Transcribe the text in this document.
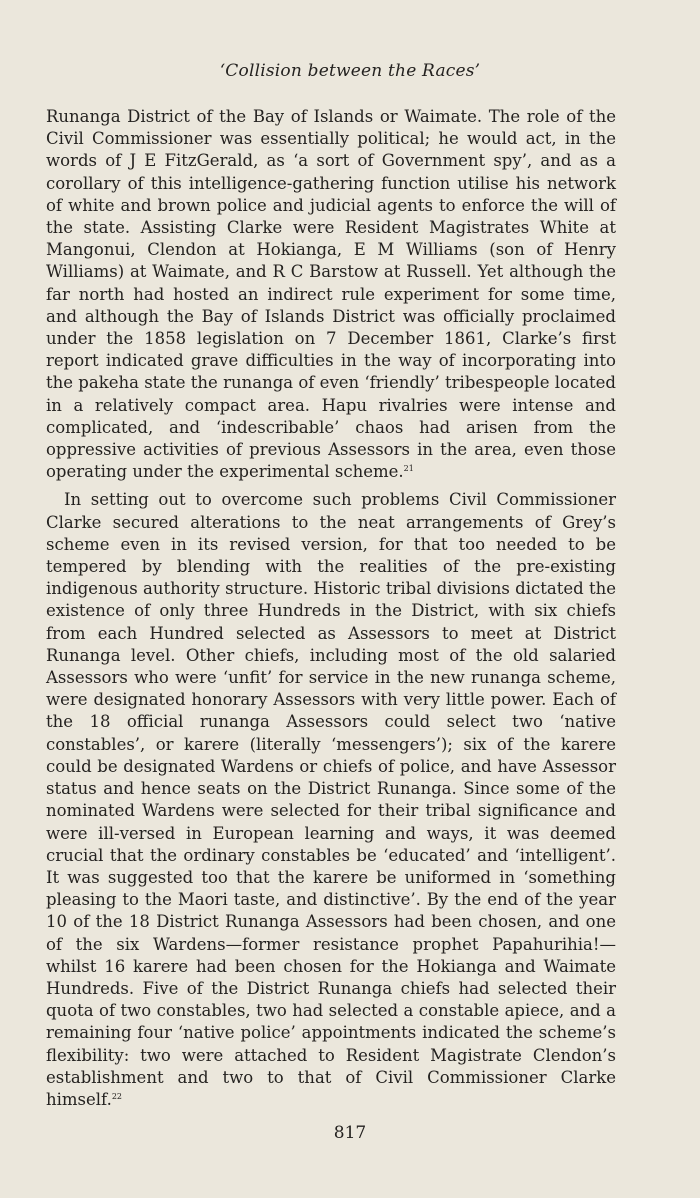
‘Collision between the Races’

Runanga District of the Bay of Islands or Waimate. The role of the Civil Commissioner was essentially political; he would act, in the words of J E FitzGerald, as ‘a sort of Government spy’, and as a corollary of this intelligence-gathering function utilise his network of white and brown police and judicial agents to enforce the will of the state. Assisting Clarke were Resident Magistrates White at Mangonui, Clendon at Hokianga, E M Williams (son of Henry Williams) at Waimate, and R C Barstow at Russell. Yet although the far north had hosted an indirect rule experiment for some time, and although the Bay of Islands District was officially proclaimed under the 1858 legislation on 7 December 1861, Clarke’s first report indicated grave difficulties in the way of incorporating into the pakeha state the runanga of even ‘friendly’ tribespeople located in a relatively compact area. Hapu rivalries were intense and complicated, and ‘indescribable’ chaos had arisen from the oppressive activities of previous Assessors in the area, even those operating under the experimental scheme.$^{21}$

In setting out to overcome such problems Civil Commissioner Clarke secured alterations to the neat arrangements of Grey’s scheme even in its revised version, for that too needed to be tempered by blending with the realities of the pre-existing indigenous authority structure. Historic tribal divisions dictated the existence of only three Hundreds in the District, with six chiefs from each Hundred selected as Assessors to meet at District Runanga level. Other chiefs, including most of the old salaried Assessors who were ‘unfit’ for service in the new runanga scheme, were designated honorary Assessors with very little power. Each of the 18 official runanga Assessors could select two ‘native constables’, or karere (literally ‘messengers’); six of the karere could be designated Wardens or chiefs of police, and have Assessor status and hence seats on the District Runanga. Since some of the nominated Wardens were selected for their tribal significance and were ill-versed in European learning and ways, it was deemed crucial that the ordinary constables be ‘educated’ and ‘intelligent’. It was suggested too that the karere be uniformed in ‘something pleasing to the Maori taste, and distinctive’. By the end of the year 10 of the 18 District Runanga Assessors had been chosen, and one of the six Wardens—former resistance prophet Papahurihia!—whilst 16 karere had been chosen for the Hokianga and Waimate Hundreds. Five of the District Runanga chiefs had selected their quota of two constables, two had selected a constable apiece, and a remaining four ‘native police’ appointments indicated the scheme’s flexibility: two were attached to Resident Magistrate Clendon’s establishment and two to that of Civil Commissioner Clarke himself.$^{22}$

817
